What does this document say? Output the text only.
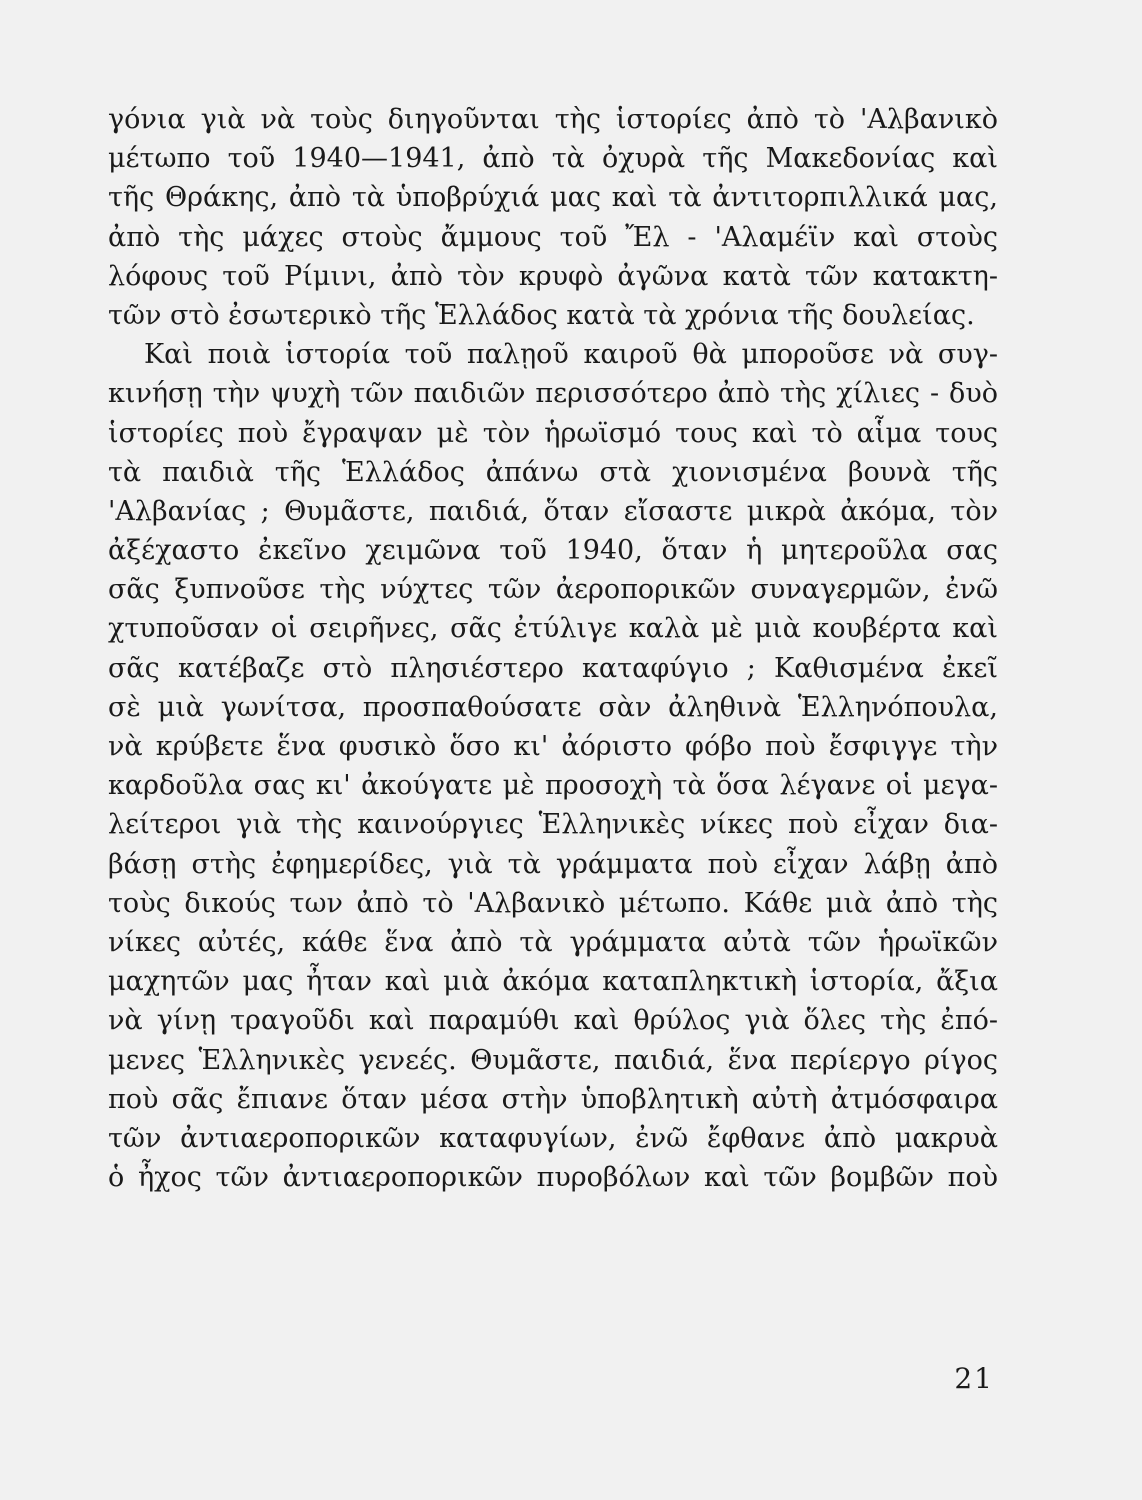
γόνια γιὰ νὰ τοὺς διηγοῦνται τὴς ἱστορίες ἀπὸ τὸ 'Αλβανικὸ
μέτωπο τοῦ 1940—1941, ἀπὸ τὰ ὀχυρὰ τῆς Μακεδονίας καὶ
τῆς Θράκης, ἀπὸ τὰ ὑποβρύχιά μας καὶ τὰ ἀντιτορπιλλικά μας,
ἀπὸ τὴς μάχες στοὺς ἄμμους τοῦ Ἔλ - 'Αλαμέϊν καὶ στοὺς
λόφους τοῦ Ρίμινι, ἀπὸ τὸν κρυφὸ ἀγῶνα κατὰ τῶν κατακτη-
τῶν στὸ ἐσωτερικὸ τῆς Ἑλλάδος κατὰ τὰ χρόνια τῆς δουλείας.
Καὶ ποιὰ ἱστορία τοῦ παλῃοῦ καιροῦ θὰ μποροῦσε νὰ συγ-
κινήσῃ τὴν ψυχὴ τῶν παιδιῶν περισσότερο ἀπὸ τὴς χίλιες - δυὸ
ἱστορίες ποὺ ἔγραψαν μὲ τὸν ἡρωϊσμό τους καὶ τὸ αἷμα τους
τὰ παιδιὰ τῆς Ἑλλάδος ἀπάνω στὰ χιονισμένα βουνὰ τῆς
'Αλβανίας ; Θυμᾶστε, παιδιά, ὅταν εἴσαστε μικρὰ ἀκόμα, τὸν
ἀξέχαστο ἐκεῖνο χειμῶνα τοῦ 1940, ὅταν ἡ μητεροῦλα σας
σᾶς ξυπνοῦσε τὴς νύχτες τῶν ἀεροπορικῶν συναγερμῶν, ἐνῶ
χτυποῦσαν οἱ σειρῆνες, σᾶς ἐτύλιγε καλὰ μὲ μιὰ κουβέρτα καὶ
σᾶς κατέβαζε στὸ πλησιέστερο καταφύγιο ; Καθισμένα ἐκεῖ
σὲ μιὰ γωνίτσα, προσπαθούσατε σὰν ἀληθινὰ Ἑλληνόπουλα,
νὰ κρύβετε ἕνα φυσικὸ ὅσο κι' ἀόριστο φόβο ποὺ ἔσφιγγε τὴν
καρδοῦλα σας κι' ἀκούγατε μὲ προσοχὴ τὰ ὅσα λέγανε οἱ μεγα-
λείτεροι γιὰ τὴς καινούργιες Ἑλληνικὲς νίκες ποὺ εἶχαν δια-
βάσῃ στὴς ἐφημερίδες, γιὰ τὰ γράμματα ποὺ εἶχαν λάβῃ ἀπὸ
τοὺς δικούς των ἀπὸ τὸ 'Αλβανικὸ μέτωπο. Κάθε μιὰ ἀπὸ τὴς
νίκες αὐτές, κάθε ἕνα ἀπὸ τὰ γράμματα αὐτὰ τῶν ἡρωϊκῶν
μαχητῶν μας ἦταν καὶ μιὰ ἀκόμα καταπληκτικὴ ἱστορία, ἄξια
νὰ γίνῃ τραγοῦδι καὶ παραμύθι καὶ θρύλος γιὰ ὅλες τὴς ἐπό-
μενες Ἑλληνικὲς γενεές. Θυμᾶστε, παιδιά, ἕνα περίεργο ρίγος
ποὺ σᾶς ἔπιανε ὅταν μέσα στὴν ὑποβλητικὴ αὐτὴ ἀτμόσφαιρα
τῶν ἀντιαεροπορικῶν καταφυγίων, ἐνῶ ἔφθανε ἀπὸ μακρυὰ
ὁ ἦχος τῶν ἀντιαεροπορικῶν πυροβόλων καὶ τῶν βομβῶν ποὺ
21
